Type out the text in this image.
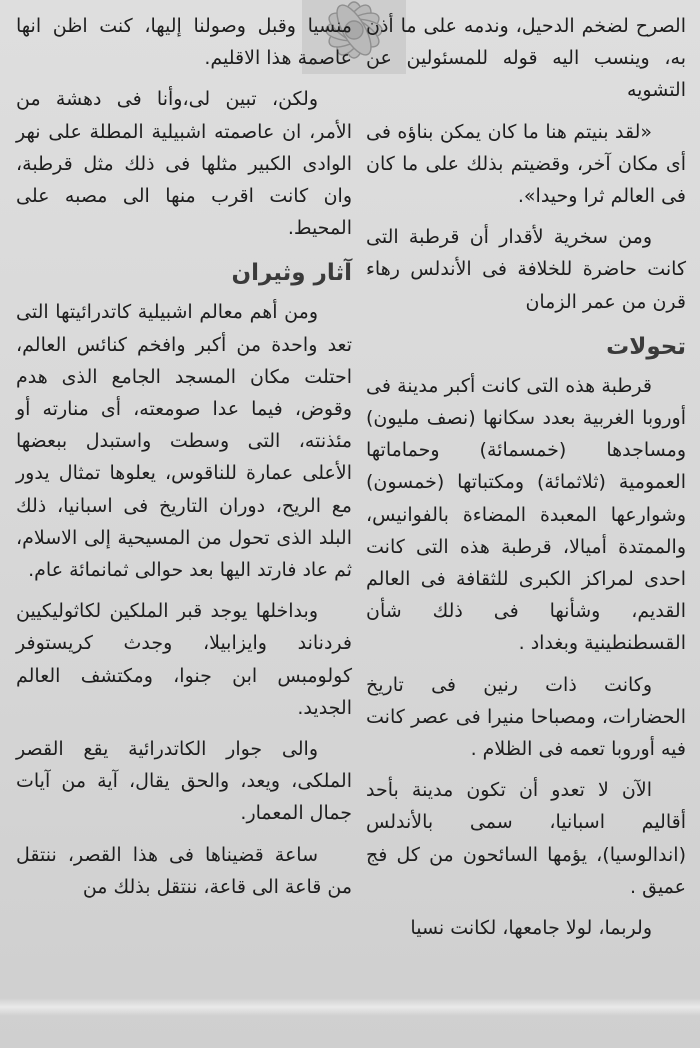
الصرح لضخم الدحيل، وندمه على ما أذن به، وينسب اليه قوله للمسئولين عن التشويه

«لقد بنيتم هنا ما كان يمكن بناؤه فى أى مكان آخر، وقضيتم بذلك على ما كان فى العالم ثرا وحيدا».

ومن سخرية لأقدار أن قرطبة التى كانت حاضرة للخلافة فى الأندلس رهاء قرن من عمر الزمان

تحولات

قرطبة هذه التى كانت أكبر مدينة فى أوروبا الغربية بعدد سكانها (نصف مليون) ومساجدها (خمسمائة) وحماماتها العمومية (ثلاثمائة) ومكتباتها (خمسون) وشوارعها المعبدة المضاءة بالفوانيس، والممتدة أميالا، قرطبة هذه التى كانت احدى لمراكز الكبرى للثقافة فى العالم القديم، وشأنها فى ذلك شأن القسطنطينية وبغداد .

وكانت ذات رنين فى تاريخ الحضارات، ومصباحا منيرا فى عصر كانت فيه أوروبا تعمه فى الظلام .

الآن لا تعدو أن تكون مدينة بأحد أقاليم اسبانيا، سمى بالأندلس (اندالوسيا)، يؤمها السائحون من كل فج عميق .

ولربما، لولا جامعها، لكانت نسيا

منسيا وقبل وصولنا إليها، كنت اظن انها عاصمة هذا الاقليم.

ولكن، تبين لى،وأنا فى دهشة من الأمر، ان عاصمته اشبيلية المطلة على نهر الوادى الكبير مثلها فى ذلك مثل قرطبة، وان كانت اقرب منها الى مصبه على المحيط.

آثار وثيران

ومن أهم معالم اشبيلية كاتدرائيتها التى تعد واحدة من أكبر وافخم كنائس العالم، احتلت مكان المسجد الجامع الذى هدم وقوض، فيما عدا صومعته، أى منارته أو مئذنته، التى وسطت واستبدل ببعضها الأعلى عمارة للناقوس، يعلوها تمثال يدور مع الريح، دوران التاريخ فى اسبانيا، ذلك البلد الذى تحول من المسيحية إلى الاسلام، ثم عاد فارتد اليها بعد حوالى ثمانمائة عام.

وبداخلها يوجد قبر الملكين لكاثوليكيين فردناند وايزابيلا، وجدث كريستوفر كولومبس ابن جنوا، ومكتشف العالم الجديد.

والى جوار الكاتدرائية يقع القصر الملكى، ويعد، والحق يقال، آية من آيات جمال المعمار.

ساعة قضيناها فى هذا القصر، ننتقل من قاعة الى قاعة، ننتقل بذلك من
